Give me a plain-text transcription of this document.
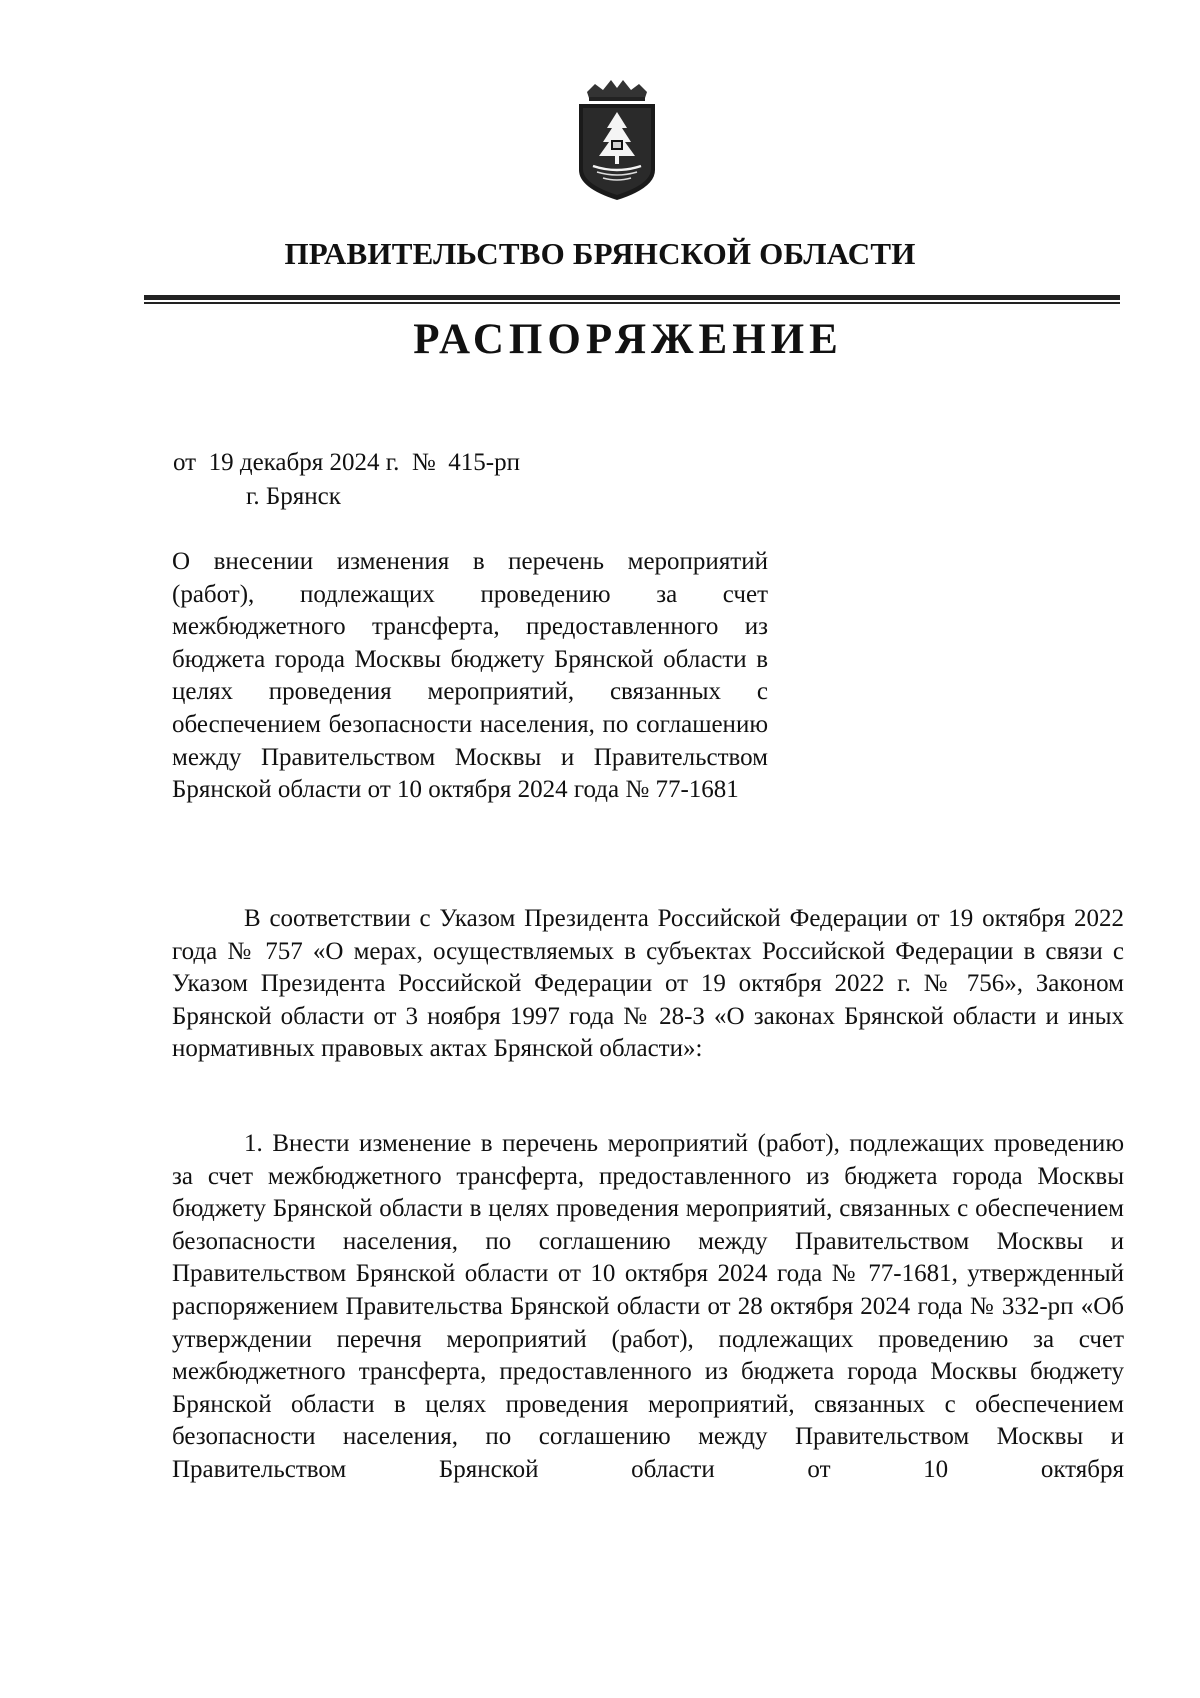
ПРАВИТЕЛЬСТВО БРЯНСКОЙ ОБЛАСТИ
РАСПОРЯЖЕНИЕ
от  19 декабря 2024 г.  №  415-рп
г. Брянск
О внесении изменения в перечень мероприятий (работ), подлежащих проведению за счет межбюджетного трансферта, предоставленного из бюджета города Москвы бюджету Брянской области в целях проведения мероприятий, связанных с обеспечением безопасности населения, по соглашению между Правительством Москвы и Правительством Брянской области от 10 октября 2024 года № 77-1681
В соответствии с Указом Президента Российской Федерации от 19 октября 2022 года № 757 «О мерах, осуществляемых в субъектах Российской Федерации в связи с Указом Президента Российской Федерации от 19 октября 2022 г. № 756», Законом Брянской области от 3 ноября 1997 года № 28-З «О законах Брянской области и иных нормативных правовых актах Брянской области»:
1. Внести изменение в перечень мероприятий (работ), подлежащих проведению за счет межбюджетного трансферта, предоставленного из бюджета города Москвы бюджету Брянской области в целях проведения мероприятий, связанных с обеспечением безопасности населения, по соглашению между Правительством Москвы и Правительством Брянской области от 10 октября 2024 года № 77-1681, утвержденный распоряжением Правительства Брянской области от 28 октября 2024 года № 332-рп «Об утверждении перечня мероприятий (работ), подлежащих проведению за счет межбюджетного трансферта, предоставленного из бюджета города Москвы бюджету Брянской области в целях проведения мероприятий, связанных с обеспечением безопасности населения, по соглашению между Правительством Москвы и Правительством Брянской области от 10 октября
